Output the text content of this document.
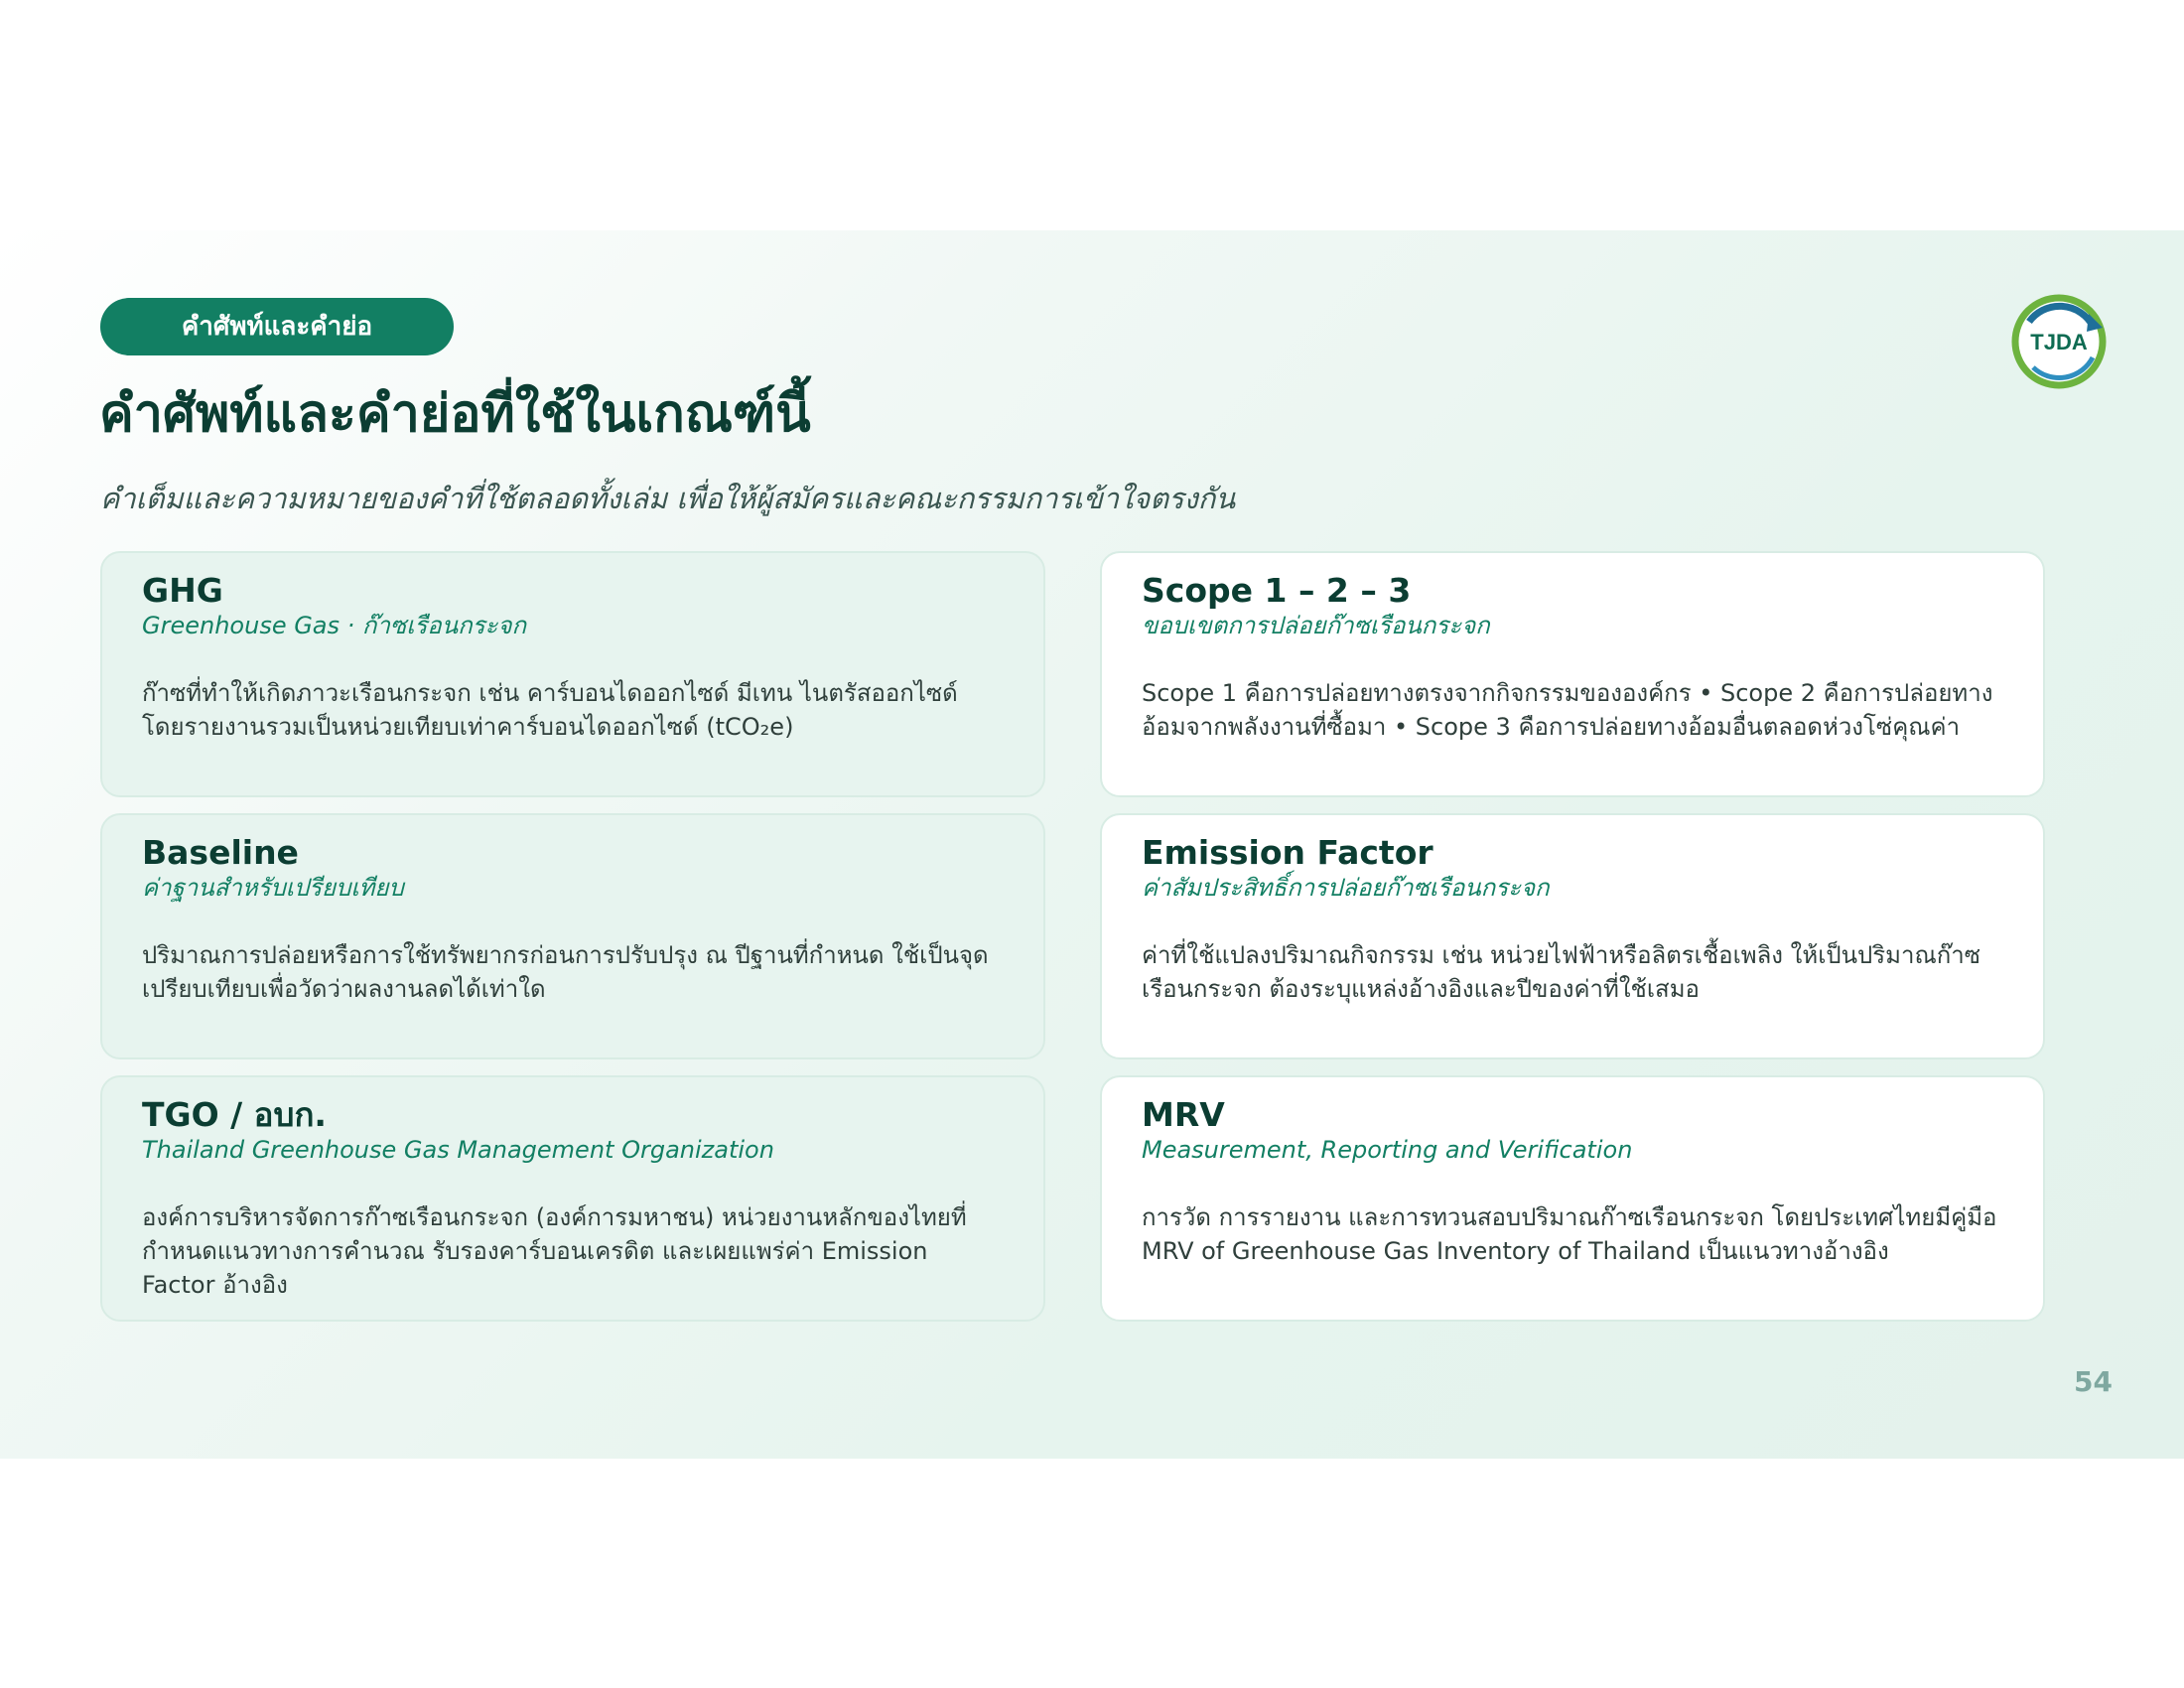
คำศัพท์และคำย่อ
คำศัพท์และคำย่อที่ใช้ในเกณฑ์นี้

คำเต็มและความหมายของคำที่ใช้ตลอดทั้งเล่ม เพื่อให้ผู้สมัครและคณะกรรมการเข้าใจตรงกัน

TJDA
GHG

Greenhouse Gas · ก๊าซเรือนกระจก

ก๊าซที่ทำให้เกิดภาวะเรือนกระจก เช่น คาร์บอนไดออกไซด์ มีเทน ไนตรัสออกไซด์ โดยรายงานรวมเป็นหน่วยเทียบเท่าคาร์บอนไดออกไซด์ (tCO₂e)

Scope 1 – 2 – 3

ขอบเขตการปล่อยก๊าซเรือนกระจก

Scope 1 คือการปล่อยทางตรงจากกิจกรรมขององค์กร • Scope 2 คือการปล่อยทางอ้อมจากพลังงานที่ซื้อมา • Scope 3 คือการปล่อยทางอ้อมอื่นตลอดห่วงโซ่คุณค่า

Baseline

ค่าฐานสำหรับเปรียบเทียบ

ปริมาณการปล่อยหรือการใช้ทรัพยากรก่อนการปรับปรุง ณ ปีฐานที่กำหนด ใช้เป็นจุดเปรียบเทียบเพื่อวัดว่าผลงานลดได้เท่าใด

Emission Factor

ค่าสัมประสิทธิ์การปล่อยก๊าซเรือนกระจก

ค่าที่ใช้แปลงปริมาณกิจกรรม เช่น หน่วยไฟฟ้าหรือลิตรเชื้อเพลิง ให้เป็นปริมาณก๊าซเรือนกระจก ต้องระบุแหล่งอ้างอิงและปีของค่าที่ใช้เสมอ

TGO / อบก.

Thailand Greenhouse Gas Management Organization

องค์การบริหารจัดการก๊าซเรือนกระจก (องค์การมหาชน) หน่วยงานหลักของไทยที่กำหนดแนวทางการคำนวณ รับรองคาร์บอนเครดิต และเผยแพร่ค่า Emission Factor อ้างอิง

MRV

Measurement, Reporting and Verification

การวัด การรายงาน และการทวนสอบปริมาณก๊าซเรือนกระจก โดยประเทศไทยมีคู่มือ MRV of Greenhouse Gas Inventory of Thailand เป็นแนวทางอ้างอิง

54
